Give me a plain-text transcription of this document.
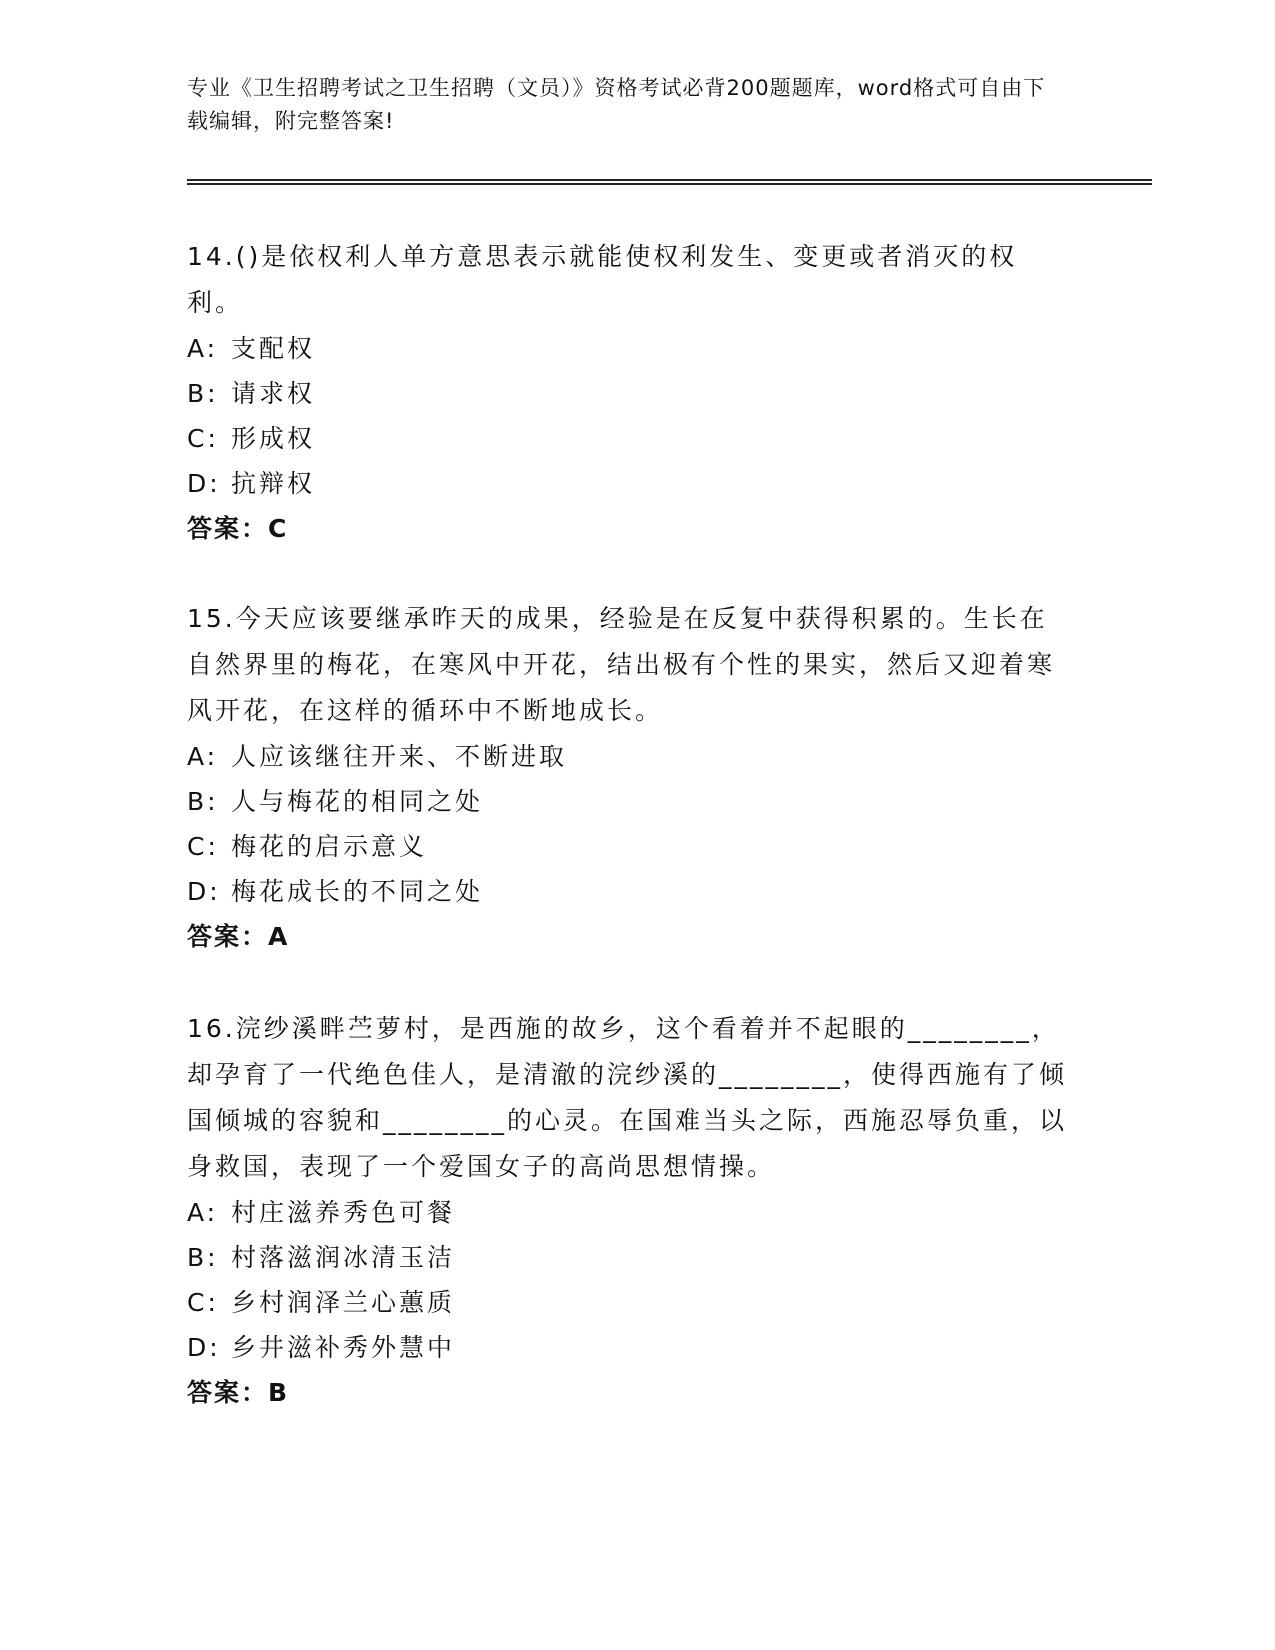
专业《卫生招聘考试之卫生招聘（文员）》资格考试必背200题题库，word格式可自由下载编辑，附完整答案!

14.()是依权利人单方意思表示就能使权利发生、变更或者消灭的权利。

A: 支配权

B: 请求权

C: 形成权

D: 抗辩权

答案：C

15.今天应该要继承昨天的成果，经验是在反复中获得积累的。生长在自然界里的梅花，在寒风中开花，结出极有个性的果实，然后又迎着寒风开花，在这样的循环中不断地成长。

A: 人应该继往开来、不断进取

B: 人与梅花的相同之处

C: 梅花的启示意义

D: 梅花成长的不同之处

答案：A

16.浣纱溪畔苎萝村，是西施的故乡，这个看着并不起眼的________，却孕育了一代绝色佳人，是清澈的浣纱溪的________，使得西施有了倾国倾城的容貌和________的心灵。在国难当头之际，西施忍辱负重，以身救国，表现了一个爱国女子的高尚思想情操。

A: 村庄滋养秀色可餐

B: 村落滋润冰清玉洁

C: 乡村润泽兰心蕙质

D: 乡井滋补秀外慧中

答案：B
